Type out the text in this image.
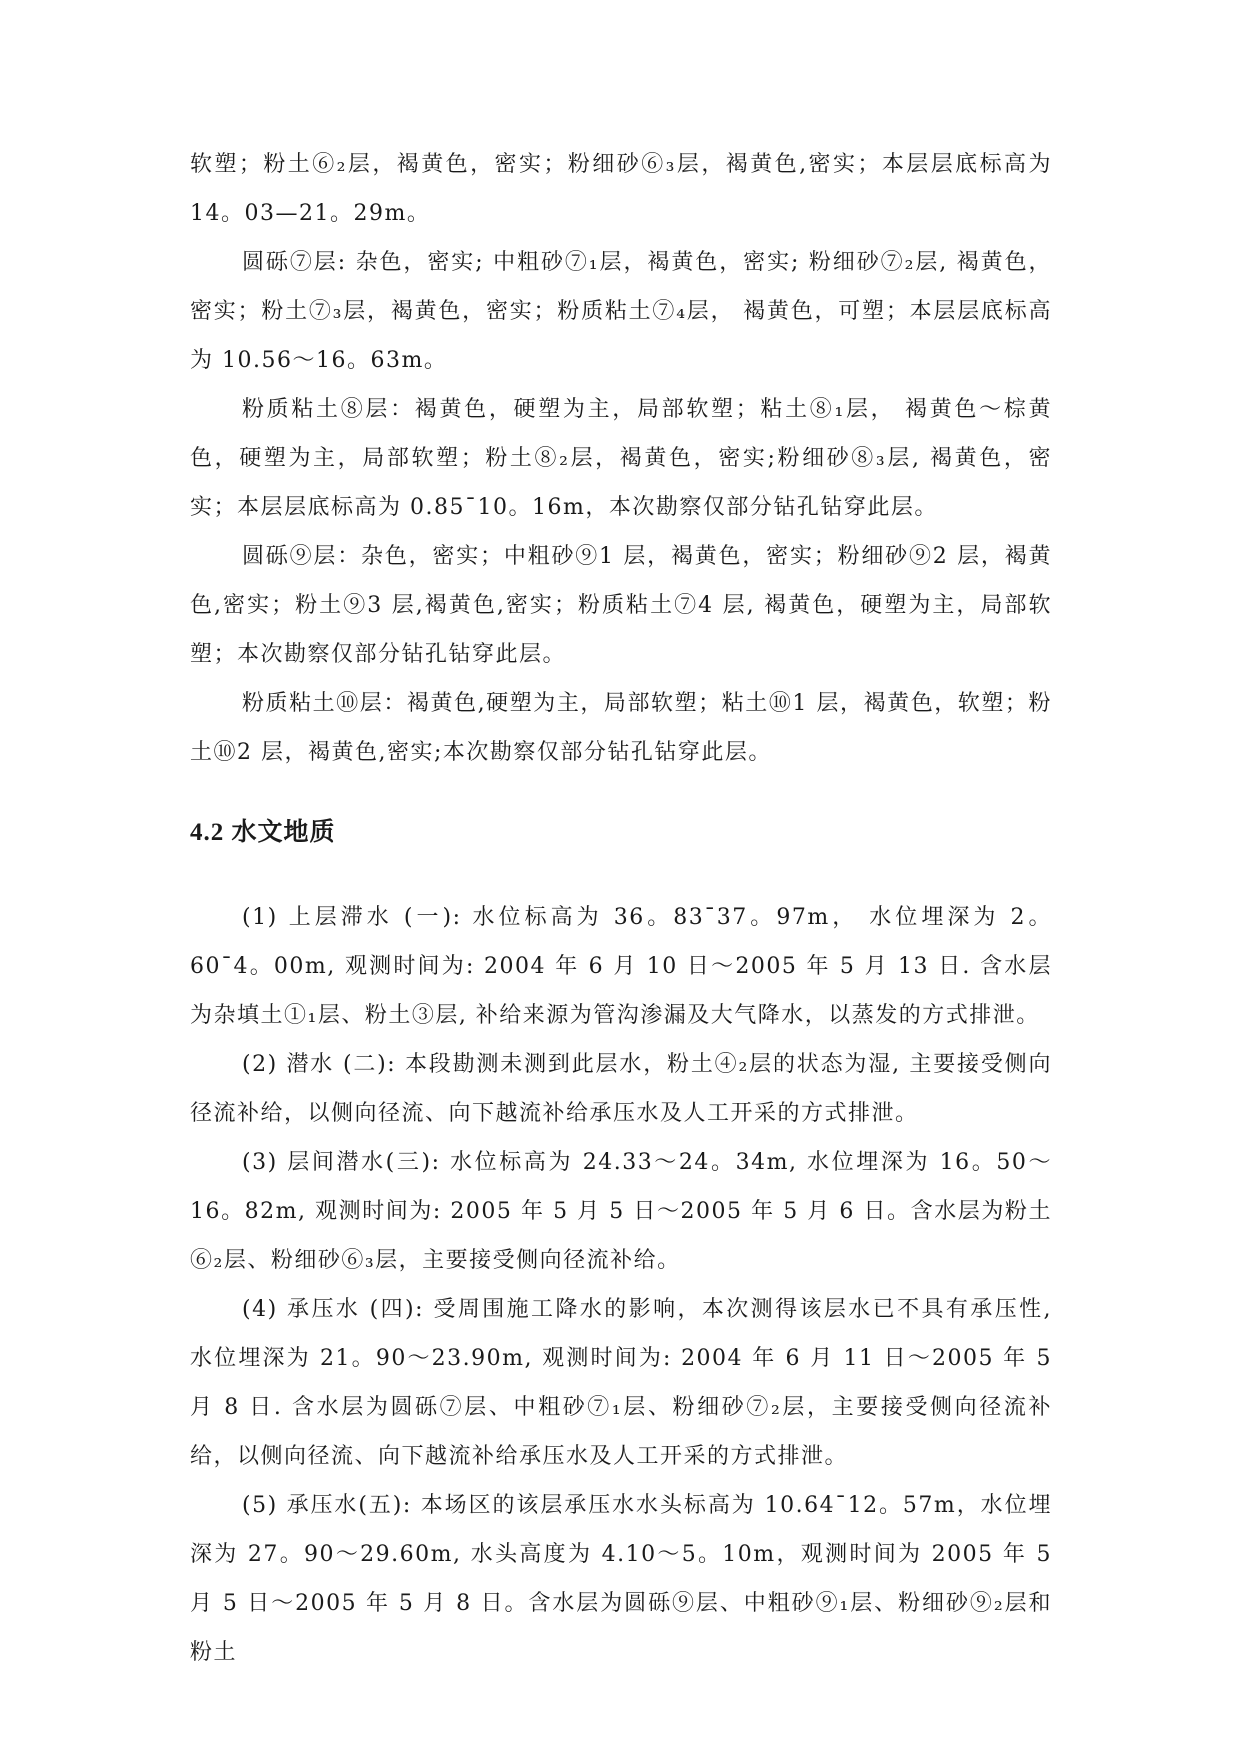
软塑；粉土⑥₂层，褐黄色，密实；粉细砂⑥₃层，褐黄色,密实；本层层底标高为 14。03—21。29m。

圆砾⑦层: 杂色，密实; 中粗砂⑦₁层，褐黄色，密实; 粉细砂⑦₂层, 褐黄色，密实；粉土⑦₃层，褐黄色，密实；粉质粘土⑦₄层， 褐黄色，可塑；本层层底标高为 10.56～16。63m。

粉质粘土⑧层：褐黄色，硬塑为主，局部软塑；粘土⑧₁层， 褐黄色～棕黄色，硬塑为主，局部软塑；粉土⑧₂层，褐黄色，密实;粉细砂⑧₃层, 褐黄色，密实；本层层底标高为 0.85¯10。16m，本次勘察仅部分钻孔钻穿此层。

圆砾⑨层：杂色，密实；中粗砂⑨1 层，褐黄色，密实；粉细砂⑨2 层，褐黄色,密实；粉土⑨3 层,褐黄色,密实；粉质粘土⑦4 层, 褐黄色，硬塑为主，局部软塑；本次勘察仅部分钻孔钻穿此层。

粉质粘土⑩层：褐黄色,硬塑为主，局部软塑；粘土⑩1 层，褐黄色，软塑；粉土⑩2 层，褐黄色,密实;本次勘察仅部分钻孔钻穿此层。

4.2 水文地质

(1) 上层滞水 (一): 水位标高为 36。83¯37。97m， 水位埋深为 2。60¯4。00m, 观测时间为: 2004 年 6 月 10 日～2005 年 5 月 13 日. 含水层为杂填土①₁层、粉土③层, 补给来源为管沟渗漏及大气降水，以蒸发的方式排泄。

(2) 潜水 (二): 本段勘测未测到此层水，粉土④₂层的状态为湿, 主要接受侧向径流补给，以侧向径流、向下越流补给承压水及人工开采的方式排泄。

(3) 层间潜水(三): 水位标高为 24.33～24。34m, 水位埋深为 16。50～16。82m, 观测时间为: 2005 年 5 月 5 日～2005 年 5 月 6 日。含水层为粉土⑥₂层、粉细砂⑥₃层，主要接受侧向径流补给。

(4) 承压水 (四): 受周围施工降水的影响，本次测得该层水已不具有承压性, 水位埋深为 21。90～23.90m, 观测时间为: 2004 年 6 月 11 日～2005 年 5 月 8 日. 含水层为圆砾⑦层、中粗砂⑦₁层、粉细砂⑦₂层，主要接受侧向径流补给，以侧向径流、向下越流补给承压水及人工开采的方式排泄。

(5) 承压水(五): 本场区的该层承压水水头标高为 10.64¯12。57m，水位埋深为 27。90～29.60m, 水头高度为 4.10～5。10m，观测时间为 2005 年 5 月 5 日～2005 年 5 月 8 日。含水层为圆砾⑨层、中粗砂⑨₁层、粉细砂⑨₂层和粉土
